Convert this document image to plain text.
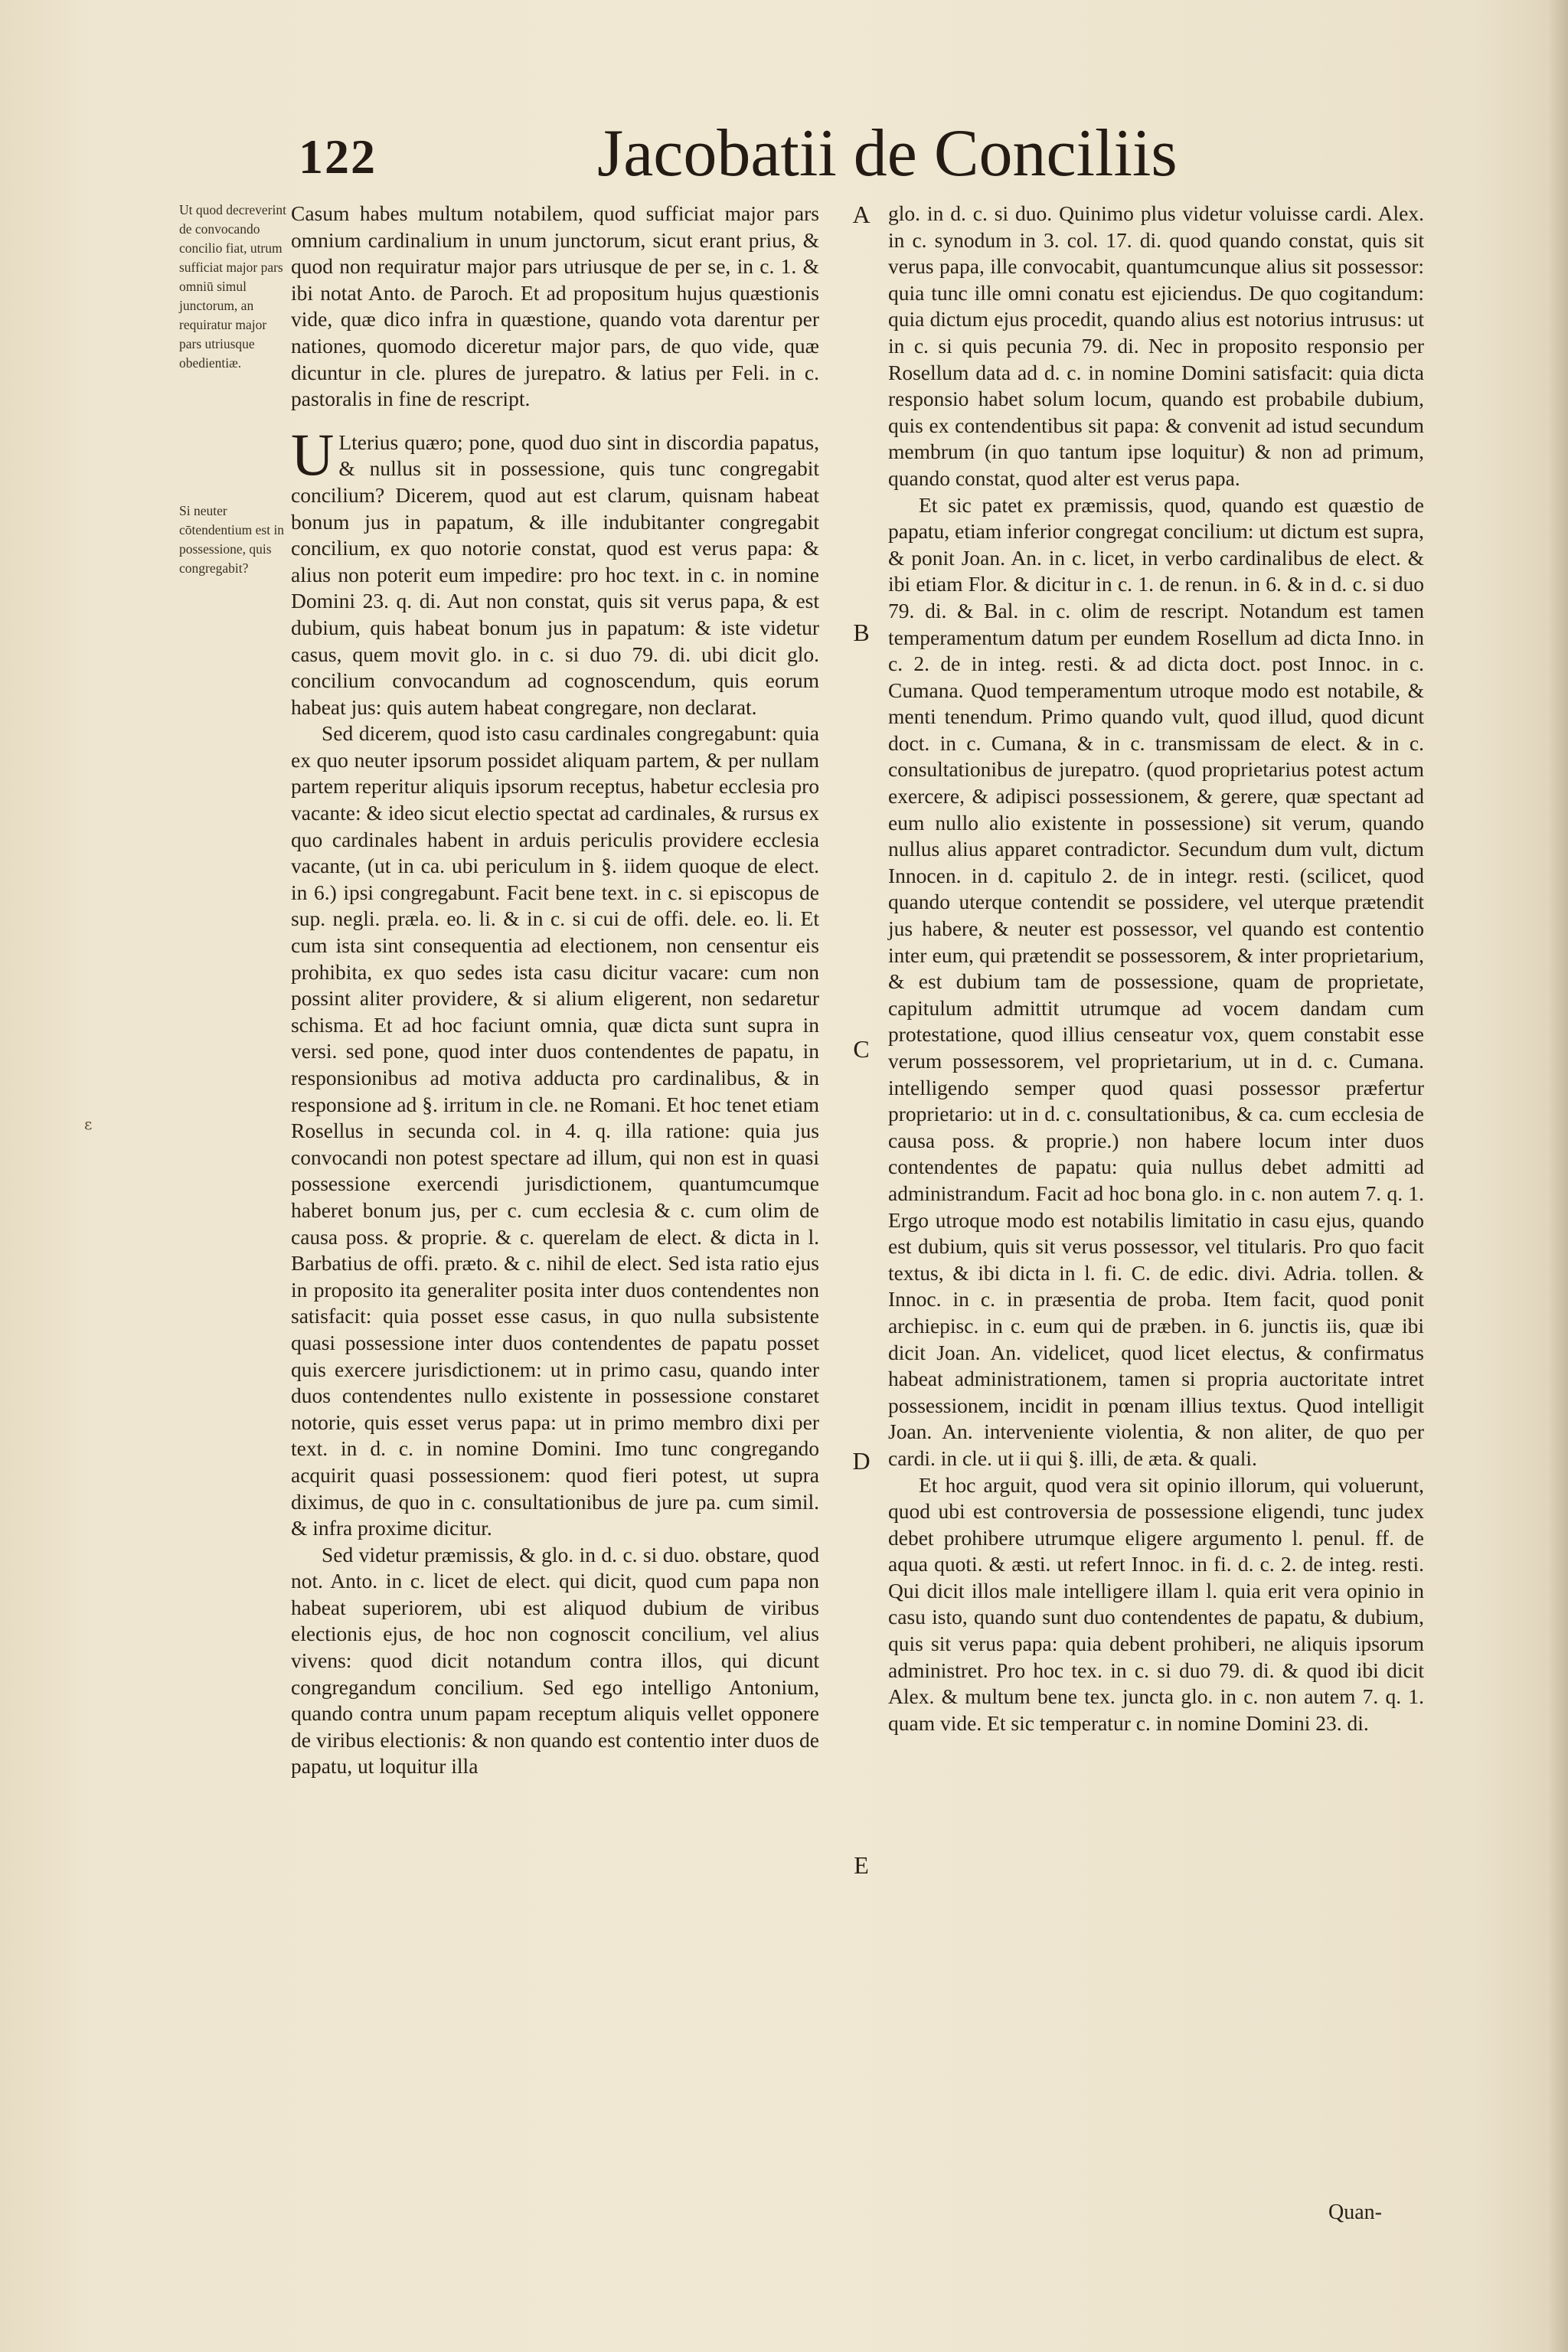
122	Jacobatii de Conciliis
Ut quod decreverint de convocando concilio fiat, utrum sufficiat major pars omniū simul junctorum, an requiratur major pars utriusque obedientiæ.
Si neuter cōtendentium est in possessione, quis congregabit?
ε

Casum habes multum notabilem, quod sufficiat major pars omnium cardinalium in unum junctorum, sicut erant prius, & quod non requiratur major pars utriusque de per se, in c. 1. & ibi notat Anto. de Paroch. Et ad propositum hujus quæstionis vide, quæ dico infra in quæstione, quando vota darentur per nationes, quomodo diceretur major pars, de quo vide, quæ dicuntur in cle. plures de jurepatro. & latius per Feli. in c. pastoralis in fine de rescript.

U Lterius quæro; pone, quod duo sint in discordia papatus, & nullus sit in possessione, quis tunc congregabit concilium? Dicerem, quod aut est clarum, quisnam habeat bonum jus in papatum, & ille indubitanter congregabit concilium, ex quo notorie constat, quod est verus papa: & alius non poterit eum impedire: pro hoc text. in c. in nomine Domini 23. q. di. Aut non constat, quis sit verus papa, & est dubium, quis habeat bonum jus in papatum: & iste videtur casus, quem movit glo. in c. si duo 79. di. ubi dicit glo. concilium convocandum ad cognoscendum, quis eorum habeat jus: quis autem habeat congregare, non declarat.

Sed dicerem, quod isto casu cardinales congregabunt: quia ex quo neuter ipsorum possidet aliquam partem, & per nullam partem reperitur aliquis ipsorum receptus, habetur ecclesia pro vacante: & ideo sicut electio spectat ad cardinales, & rursus ex quo cardinales habent in arduis periculis providere ecclesia vacante, (ut in ca. ubi periculum in §. iidem quoque de elect. in 6.) ipsi congregabunt. Facit bene text. in c. si episcopus de sup. negli. præla. eo. li. & in c. si cui de offi. dele. eo. li. Et cum ista sint consequentia ad electionem, non censentur eis prohibita, ex quo sedes ista casu dicitur vacare: cum non possint aliter providere, & si alium eligerent, non sedaretur schisma. Et ad hoc faciunt omnia, quæ dicta sunt supra in versi. sed pone, quod inter duos contendentes de papatu, in responsionibus ad motiva adducta pro cardinalibus, & in responsione ad §. irritum in cle. ne Romani. Et hoc tenet etiam Rosellus in secunda col. in 4. q. illa ratione: quia jus convocandi non potest spectare ad illum, qui non est in quasi possessione exercendi jurisdictionem, quantumcumque haberet bonum jus, per c. cum ecclesia & c. cum olim de causa poss. & proprie. & c. querelam de elect. & dicta in l. Barbatius de offi. præto. & c. nihil de elect. Sed ista ratio ejus in proposito ita generaliter posita inter duos contendentes non satisfacit: quia posset esse casus, in quo nulla subsistente quasi possessione inter duos contendentes de papatu posset quis exercere jurisdictionem: ut in primo casu, quando inter duos contendentes nullo existente in possessione constaret notorie, quis esset verus papa: ut in primo membro dixi per text. in d. c. in nomine Domini. Imo tunc congregando acquirit quasi possessionem: quod fieri potest, ut supra diximus, de quo in c. consultationibus de jure pa. cum simil. & infra proxime dicitur.

Sed videtur præmissis, & glo. in d. c. si duo. obstare, quod not. Anto. in c. licet de elect. qui dicit, quod cum papa non habeat superiorem, ubi est aliquod dubium de viribus electionis ejus, de hoc non cognoscit concilium, vel alius vivens: quod dicit notandum contra illos, qui dicunt congregandum concilium. Sed ego intelligo Antonium, quando contra unum papam receptum aliquis vellet opponere de viribus electionis: & non quando est contentio inter duos de papatu, ut loquitur illa

A
B
C
D
E

glo. in d. c. si duo. Quinimo plus videtur voluisse cardi. Alex. in c. synodum in 3. col. 17. di. quod quando constat, quis sit verus papa, ille convocabit, quantumcunque alius sit possessor: quia tunc ille omni conatu est ejiciendus. De quo cogitandum: quia dictum ejus procedit, quando alius est notorius intrusus: ut in c. si quis pecunia 79. di. Nec in proposito responsio per Rosellum data ad d. c. in nomine Domini satisfacit: quia dicta responsio habet solum locum, quando est probabile dubium, quis ex contendentibus sit papa: & convenit ad istud secundum membrum (in quo tantum ipse loquitur) & non ad primum, quando constat, quod alter est verus papa.

Et sic patet ex præmissis, quod, quando est quæstio de papatu, etiam inferior congregat concilium: ut dictum est supra, & ponit Joan. An. in c. licet, in verbo cardinalibus de elect. & ibi etiam Flor. & dicitur in c. 1. de renun. in 6. & in d. c. si duo 79. di. & Bal. in c. olim de rescript. Notandum est tamen temperamentum datum per eundem Rosellum ad dicta Inno. in c. 2. de in integ. resti. & ad dicta doct. post Innoc. in c. Cumana. Quod temperamentum utroque modo est notabile, & menti tenendum. Primo quando vult, quod illud, quod dicunt doct. in c. Cumana, & in c. transmissam de elect. & in c. consultationibus de jurepatro. (quod proprietarius potest actum exercere, & adipisci possessionem, & gerere, quæ spectant ad eum nullo alio existente in possessione) sit verum, quando nullus alius apparet contradictor. Secundum dum vult, dictum Innocen. in d. capitulo 2. de in integr. resti. (scilicet, quod quando uterque contendit se possidere, vel uterque prætendit jus habere, & neuter est possessor, vel quando est contentio inter eum, qui prætendit se possessorem, & inter proprietarium, & est dubium tam de possessione, quam de proprietate, capitulum admittit utrumque ad vocem dandam cum protestatione, quod illius censeatur vox, quem constabit esse verum possessorem, vel proprietarium, ut in d. c. Cumana. intelligendo semper quod quasi possessor præfertur proprietario: ut in d. c. consultationibus, & ca. cum ecclesia de causa poss. & proprie.) non habere locum inter duos contendentes de papatu: quia nullus debet admitti ad administrandum. Facit ad hoc bona glo. in c. non autem 7. q. 1. Ergo utroque modo est notabilis limitatio in casu ejus, quando est dubium, quis sit verus possessor, vel titularis. Pro quo facit textus, & ibi dicta in l. fi. C. de edic. divi. Adria. tollen. & Innoc. in c. in præsentia de proba. Item facit, quod ponit archiepisc. in c. eum qui de præben. in 6. junctis iis, quæ ibi dicit Joan. An. videlicet, quod licet electus, & confirmatus habeat administrationem, tamen si propria auctoritate intret possessionem, incidit in pœnam illius textus. Quod intelligit Joan. An. interveniente violentia, & non aliter, de quo per cardi. in cle. ut ii qui §. illi, de æta. & quali.

Et hoc arguit, quod vera sit opinio illorum, qui voluerunt, quod ubi est controversia de possessione eligendi, tunc judex debet prohibere utrumque eligere argumento l. penul. ff. de aqua quoti. & æsti. ut refert Innoc. in fi. d. c. 2. de integ. resti. Qui dicit illos male intelligere illam l. quia erit vera opinio in casu isto, quando sunt duo contendentes de papatu, & dubium, quis sit verus papa: quia debent prohiberi, ne aliquis ipsorum administret. Pro hoc tex. in c. si duo 79. di. & quod ibi dicit Alex. & multum bene tex. juncta glo. in c. non autem 7. q. 1. quam vide. Et sic temperatur c. in nomine Domini 23. di.

Quan-
